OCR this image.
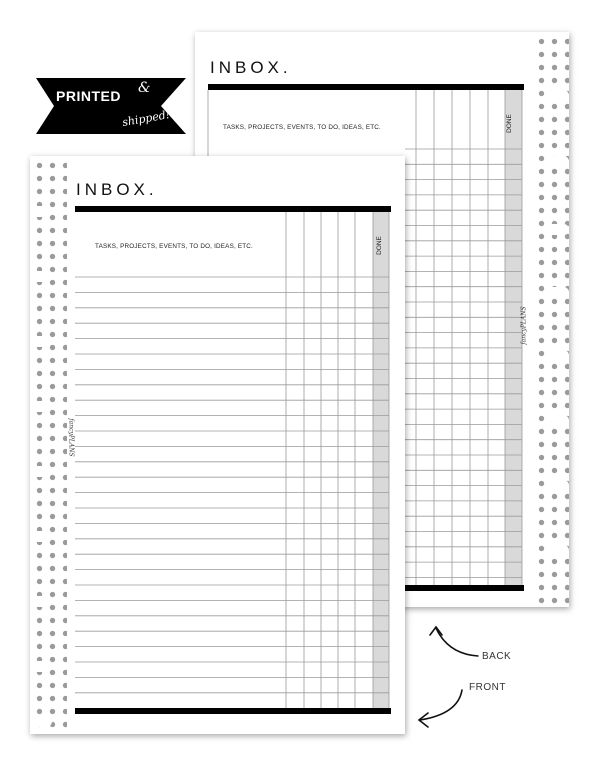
PRINTED &
shipped!
INBOX.
TASKS, PROJECTS, EVENTS, TO DO, IDEAS, ETC.	DONE
fancyPLANS
INBOX.
TASKS, PROJECTS, EVENTS, TO DO, IDEAS, ETC.	DONE
fancyPLANS
BACK
FRONT
